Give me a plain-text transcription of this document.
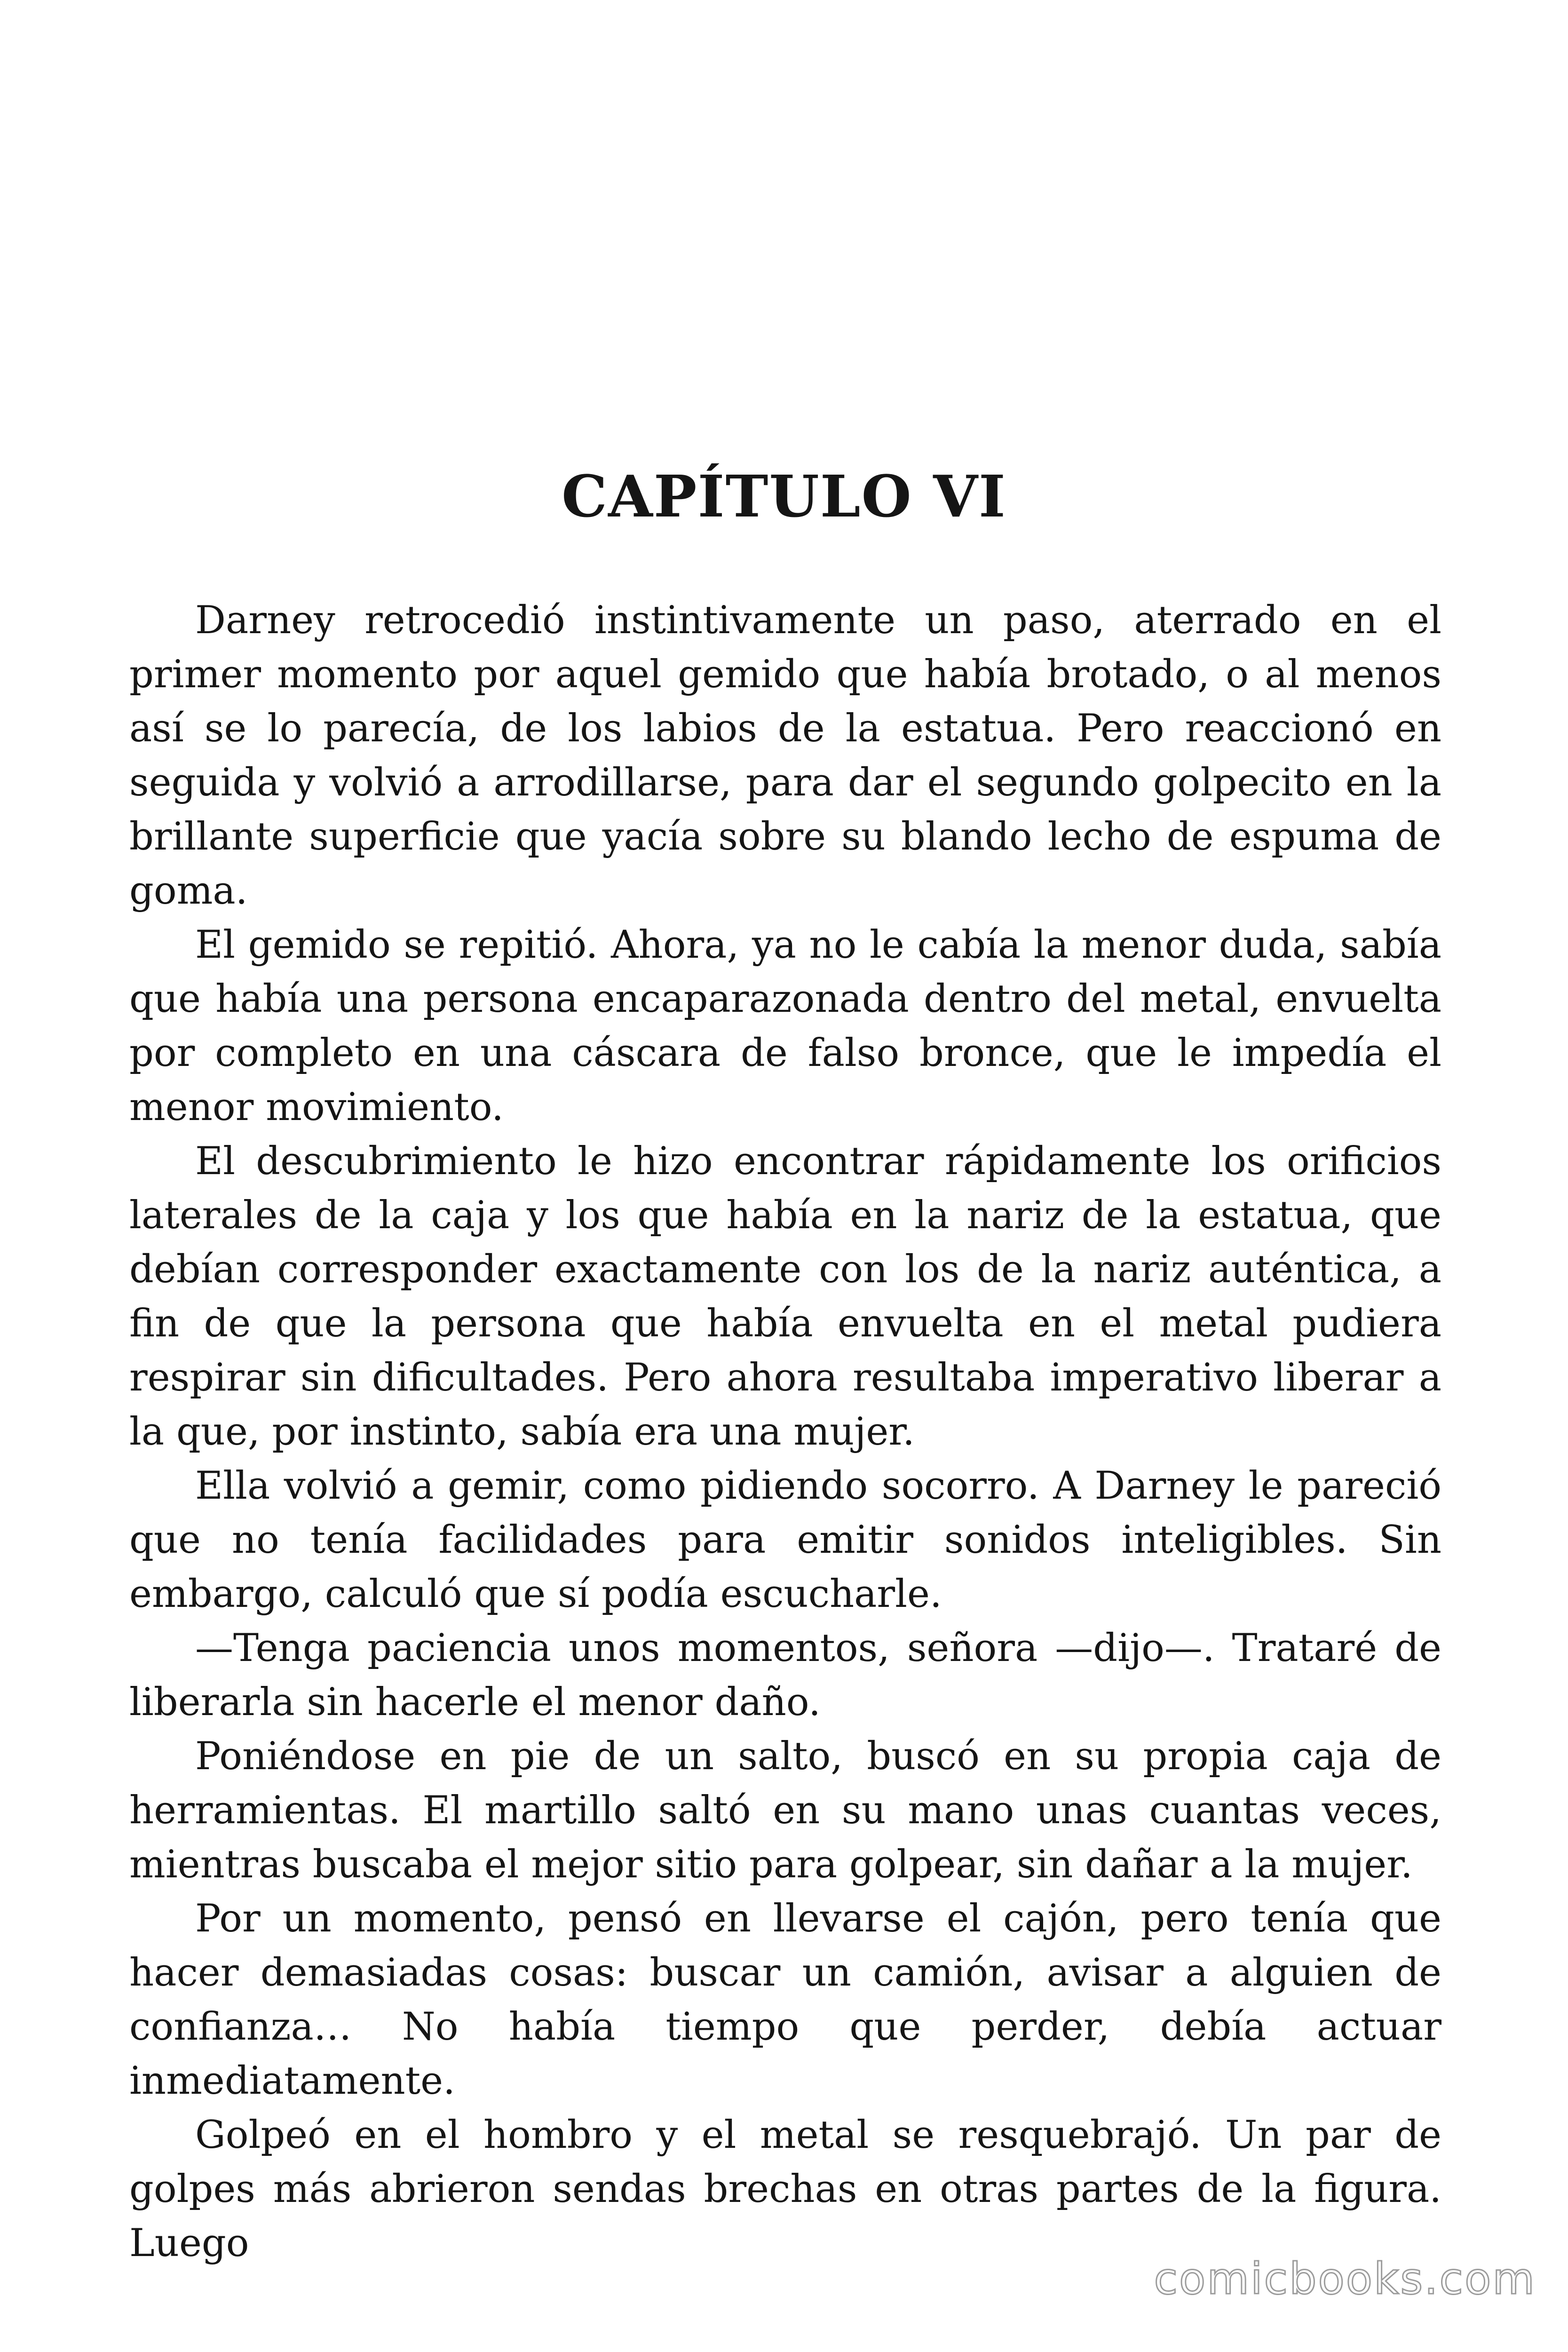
CAPÍTULO VI

Darney retrocedió instintivamente un paso, aterrado en el primer momento por aquel gemido que había brotado, o al menos así se lo parecía, de los labios de la estatua. Pero reaccionó en seguida y volvió a arrodillarse, para dar el segundo golpecito en la brillante superficie que yacía sobre su blando lecho de espuma de goma.

El gemido se repitió. Ahora, ya no le cabía la menor duda, sabía que había una persona encaparazonada dentro del metal, envuelta por completo en una cáscara de falso bronce, que le impedía el menor movimiento.

El descubrimiento le hizo encontrar rápidamente los orificios laterales de la caja y los que había en la nariz de la estatua, que debían corresponder exactamente con los de la nariz auténtica, a fin de que la persona que había envuelta en el metal pudiera respirar sin dificultades. Pero ahora resultaba imperativo liberar a la que, por instinto, sabía era una mujer.

Ella volvió a gemir, como pidiendo socorro. A Darney le pareció que no tenía facilidades para emitir sonidos inteligibles. Sin embargo, calculó que sí podía escucharle.

—Tenga paciencia unos momentos, señora —dijo—. Trataré de liberarla sin hacerle el menor daño.

Poniéndose en pie de un salto, buscó en su propia caja de herramientas. El martillo saltó en su mano unas cuantas veces, mientras buscaba el mejor sitio para golpear, sin dañar a la mujer.

Por un momento, pensó en llevarse el cajón, pero tenía que hacer demasiadas cosas: buscar un camión, avisar a alguien de confianza… No había tiempo que perder, debía actuar inmediatamente.

Golpeó en el hombro y el metal se resquebrajó. Un par de golpes más abrieron sendas brechas en otras partes de la figura. Luego

comicbooks.com
